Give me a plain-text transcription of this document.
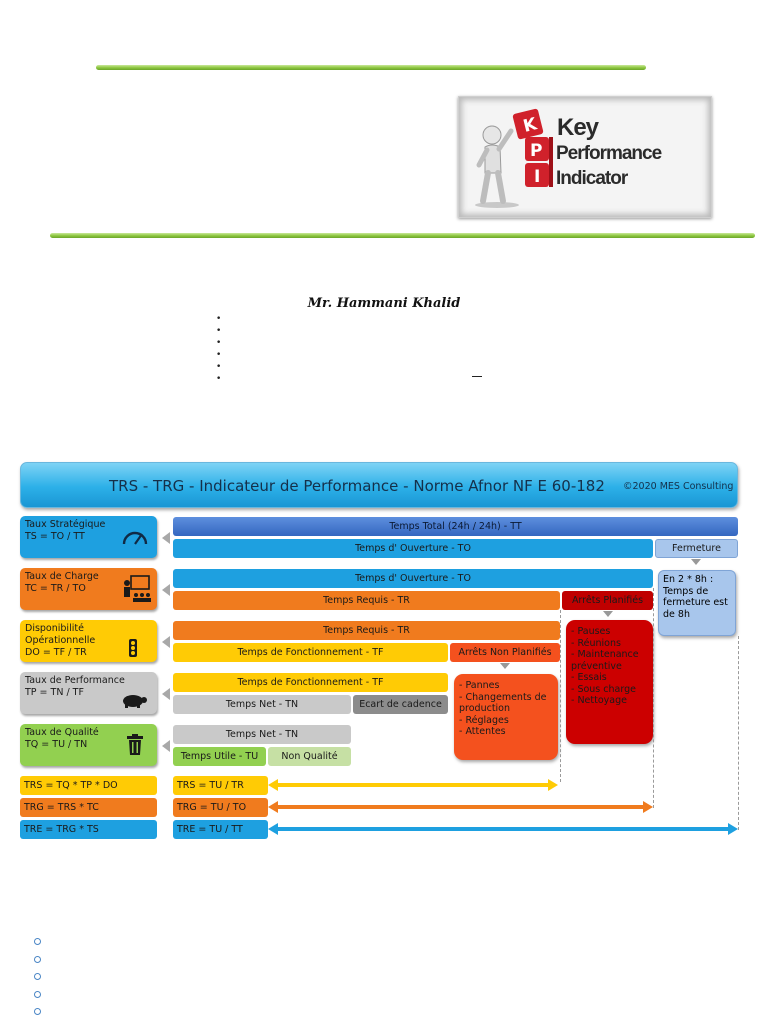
K
P
I
Key
Performance
Indicator
Mr. Hammani Khalid
•
•
•
•
•
•
TRS - TRG - Indicateur de Performance - Norme Afnor NF E 60-182 ©2020 MES Consulting
Taux Stratégique
TS = TO / TT
Taux de Charge
TC = TR / TO
Disponibilité Opérationnelle
DO = TF / TR
Taux de Performance
TP = TN / TF
Taux de Qualité
TQ = TU / TN
Temps Total (24h / 24h) - TT
Temps d' Ouverture - TO	Fermeture
Temps d' Ouverture - TO
Temps Requis - TR	Arrêts Planifiés
En 2 * 8h :
Temps de
fermeture est
de 8h
Temps Requis - TR
Temps de Fonctionnement - TF	Arrêts Non Planifiés
- Pauses
- Réunions
- Maintenance
préventive
- Essais
- Sous charge
- Nettoyage
Temps de Fonctionnement - TF
Temps Net - TN	Ecart de cadence
- Pannes
- Changements de
production
- Réglages
- Attentes
Temps Net - TN
Temps Utile - TU	Non Qualité
TRS = TQ * TP * DO
TRG = TRS * TC
TRE = TRG * TS
TRS = TU / TR
TRG = TU / TO
TRE = TU / TT
